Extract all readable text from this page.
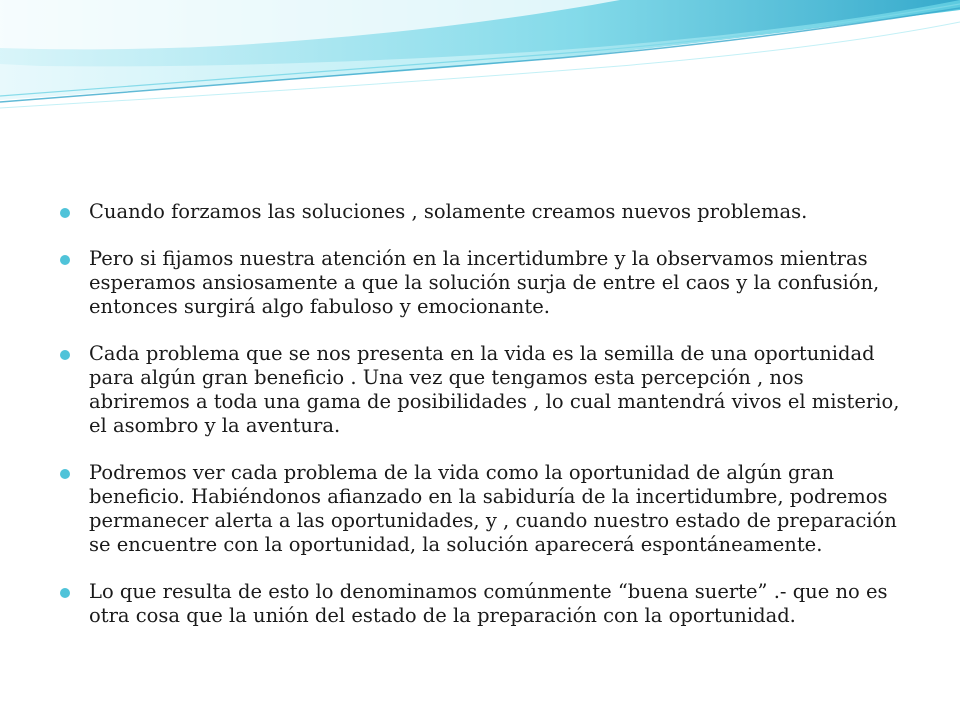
Cuando forzamos las soluciones , solamente creamos nuevos problemas.
Pero si fijamos nuestra atención en la incertidumbre y la observamos mientras esperamos ansiosamente a que la solución surja de entre el caos y la confusión, entonces surgirá algo fabuloso y emocionante.
Cada problema que se nos presenta en la vida es la semilla de una oportunidad para algún gran beneficio . Una vez que tengamos esta percepción , nos abriremos a toda una gama de posibilidades , lo cual mantendrá vivos el misterio, el asombro y la aventura.
Podremos ver cada problema de la vida como la oportunidad de algún gran beneficio. Habiéndonos afianzado en la sabiduría de la incertidumbre, podremos permanecer alerta a las oportunidades, y , cuando nuestro estado de preparación se encuentre con la oportunidad, la solución aparecerá espontáneamente.
Lo que resulta de esto lo denominamos comúnmente “buena suerte” .- que no es otra cosa que la unión del estado de la preparación con la oportunidad.
